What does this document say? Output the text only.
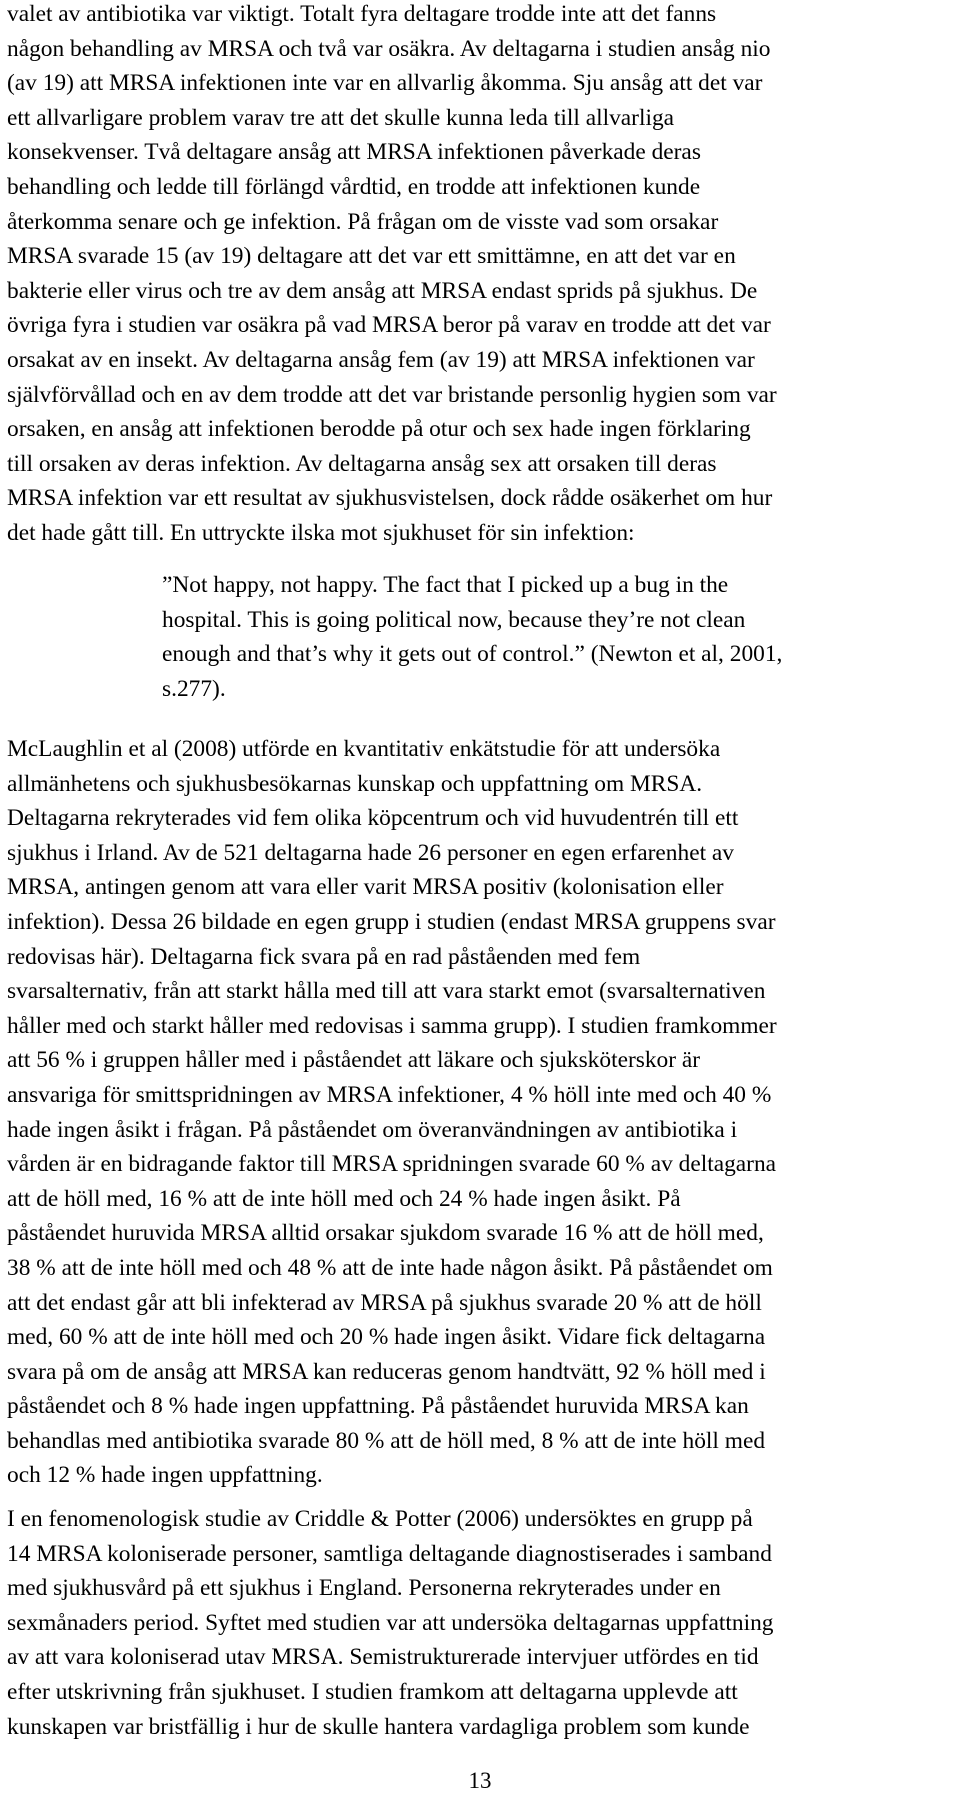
valet av antibiotika var viktigt. Totalt fyra deltagare trodde inte att det fanns
någon behandling av MRSA och två var osäkra. Av deltagarna i studien ansåg nio
(av 19) att MRSA infektionen inte var en allvarlig åkomma. Sju ansåg att det var
ett allvarligare problem varav tre att det skulle kunna leda till allvarliga
konsekvenser. Två deltagare ansåg att MRSA infektionen påverkade deras
behandling och ledde till förlängd vårdtid, en trodde att infektionen kunde
återkomma senare och ge infektion. På frågan om de visste vad som orsakar
MRSA svarade 15 (av 19) deltagare att det var ett smittämne, en att det var en
bakterie eller virus och tre av dem ansåg att MRSA endast sprids på sjukhus. De
övriga fyra i studien var osäkra på vad MRSA beror på varav en trodde att det var
orsakat av en insekt. Av deltagarna ansåg fem (av 19) att MRSA infektionen var
självförvållad och en av dem trodde att det var bristande personlig hygien som var
orsaken, en ansåg att infektionen berodde på otur och sex hade ingen förklaring
till orsaken av deras infektion. Av deltagarna ansåg sex att orsaken till deras
MRSA infektion var ett resultat av sjukhusvistelsen, dock rådde osäkerhet om hur
det hade gått till. En uttryckte ilska mot sjukhuset för sin infektion:

”Not happy, not happy. The fact that I picked up a bug in the
hospital. This is going political now, because they’re not clean
enough and that’s why it gets out of control.” (Newton et al, 2001,
s.277).

McLaughlin et al (2008) utförde en kvantitativ enkätstudie för att undersöka
allmänhetens och sjukhusbesökarnas kunskap och uppfattning om MRSA.
Deltagarna rekryterades vid fem olika köpcentrum och vid huvudentrén till ett
sjukhus i Irland. Av de 521 deltagarna hade 26 personer en egen erfarenhet av
MRSA, antingen genom att vara eller varit MRSA positiv (kolonisation eller
infektion). Dessa 26 bildade en egen grupp i studien (endast MRSA gruppens svar
redovisas här). Deltagarna fick svara på en rad påståenden med fem
svarsalternativ, från att starkt hålla med till att vara starkt emot (svarsalternativen
håller med och starkt håller med redovisas i samma grupp). I studien framkommer
att 56 % i gruppen håller med i påståendet att läkare och sjuksköterskor är
ansvariga för smittspridningen av MRSA infektioner, 4 % höll inte med och 40 %
hade ingen åsikt i frågan. På påståendet om överanvändningen av antibiotika i
vården är en bidragande faktor till MRSA spridningen svarade 60 % av deltagarna
att de höll med, 16 % att de inte höll med och 24 % hade ingen åsikt. På
påståendet huruvida MRSA alltid orsakar sjukdom svarade 16 % att de höll med,
38 % att de inte höll med och 48 % att de inte hade någon åsikt. På påståendet om
att det endast går att bli infekterad av MRSA på sjukhus svarade 20 % att de höll
med, 60 % att de inte höll med och 20 % hade ingen åsikt. Vidare fick deltagarna
svara på om de ansåg att MRSA kan reduceras genom handtvätt, 92 % höll med i
påståendet och 8 % hade ingen uppfattning. På påståendet huruvida MRSA kan
behandlas med antibiotika svarade 80 % att de höll med, 8 % att de inte höll med
och 12 % hade ingen uppfattning.

I en fenomenologisk studie av Criddle & Potter (2006) undersöktes en grupp på
14 MRSA koloniserade personer, samtliga deltagande diagnostiserades i samband
med sjukhusvård på ett sjukhus i England. Personerna rekryterades under en
sexmånaders period. Syftet med studien var att undersöka deltagarnas uppfattning
av att vara koloniserad utav MRSA. Semistrukturerade intervjuer utfördes en tid
efter utskrivning från sjukhuset. I studien framkom att deltagarna upplevde att
kunskapen var bristfällig i hur de skulle hantera vardagliga problem som kunde

13
